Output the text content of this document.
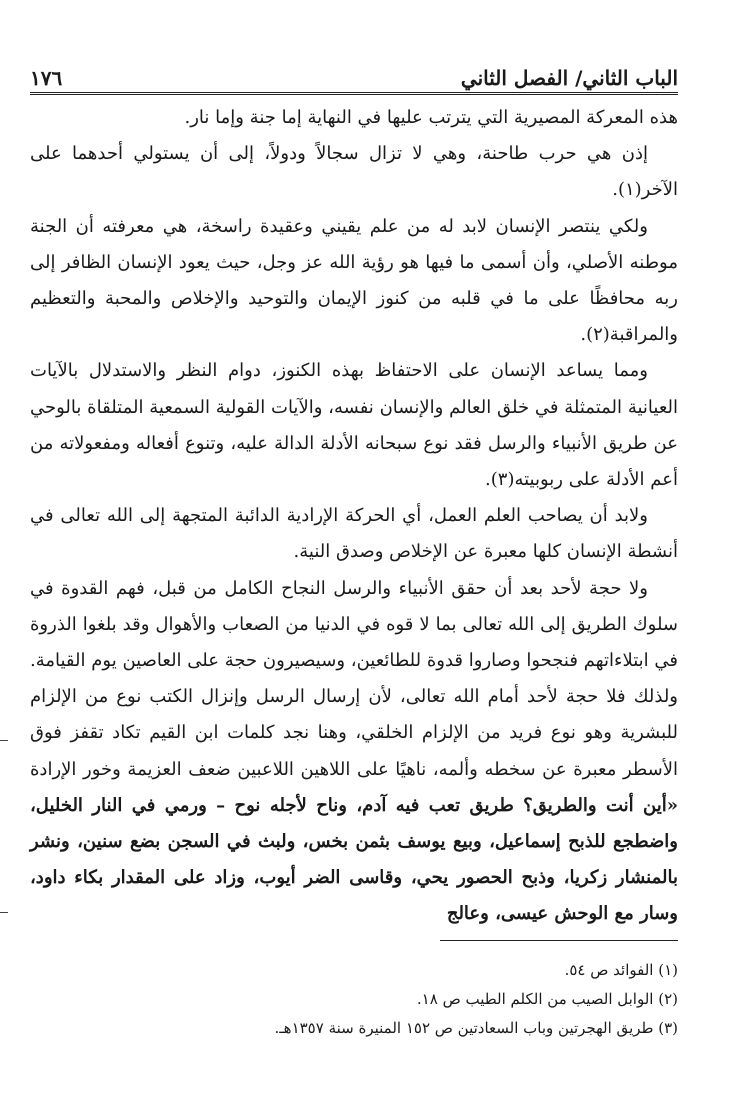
الباب الثاني/ الفصل الثاني
١٧٦

هذه المعركة المصيرية التي يترتب عليها في النهاية إما جنة وإما نار.

إذن هي حرب طاحنة، وهي لا تزال سجالاً ودولاً، إلى أن يستولي أحدهما على الآخر(١).

ولكي ينتصر الإنسان لابد له من علم يقيني وعقيدة راسخة، هي معرفته أن الجنة موطنه الأصلي، وأن أسمى ما فيها هو رؤية الله عز وجل، حيث يعود الإنسان الظافر إلى ربه محافظًا على ما في قلبه من كنوز الإيمان والتوحيد والإخلاص والمحبة والتعظيم والمراقبة(٢).

ومما يساعد الإنسان على الاحتفاظ بهذه الكنوز، دوام النظر والاستدلال بالآيات العيانية المتمثلة في خلق العالم والإنسان نفسه، والآيات القولية السمعية المتلقاة بالوحي عن طريق الأنبياء والرسل فقد نوع سبحانه الأدلة الدالة عليه، وتنوع أفعاله ومفعولاته من أعم الأدلة على ربوبيته(٣).

ولابد أن يصاحب العلم العمل، أي الحركة الإرادية الدائبة المتجهة إلى الله تعالى في أنشطة الإنسان كلها معبرة عن الإخلاص وصدق النية.

ولا حجة لأحد بعد أن حقق الأنبياء والرسل النجاح الكامل من قبل، فهم القدوة في سلوك الطريق إلى الله تعالى بما لا قوه في الدنيا من الصعاب والأهوال وقد بلغوا الذروة في ابتلاءاتهم فنجحوا وصاروا قدوة للطائعين، وسيصيرون حجة على العاصين يوم القيامة. ولذلك فلا حجة لأحد أمام الله تعالى، لأن إرسال الرسل وإنزال الكتب نوع من الإلزام للبشرية وهو نوع فريد من الإلزام الخلقي، وهنا نجد كلمات ابن القيم تكاد تقفز فوق الأسطر معبرة عن سخطه وألمه، ناهيًا على اللاهين اللاعبين ضعف العزيمة وخور الإرادة «أين أنت والطريق؟ طريق تعب فيه آدم، وناح لأجله نوح – ورمي في النار الخليل، واضطجع للذبح إسماعيل، وبيع يوسف بثمن بخس، ولبث في السجن بضع سنين، ونشر بالمنشار زكريا، وذبح الحصور يحي، وقاسى الضر أيوب، وزاد على المقدار بكاء داود، وسار مع الوحش عيسى، وعالج

(١) الفوائد ص ٥٤.
(٢) الوابل الصيب من الكلم الطيب ص ١٨.
(٣) طريق الهجرتين وباب السعادتين ص ١٥٢ المنيرة سنة ١٣٥٧هـ.
